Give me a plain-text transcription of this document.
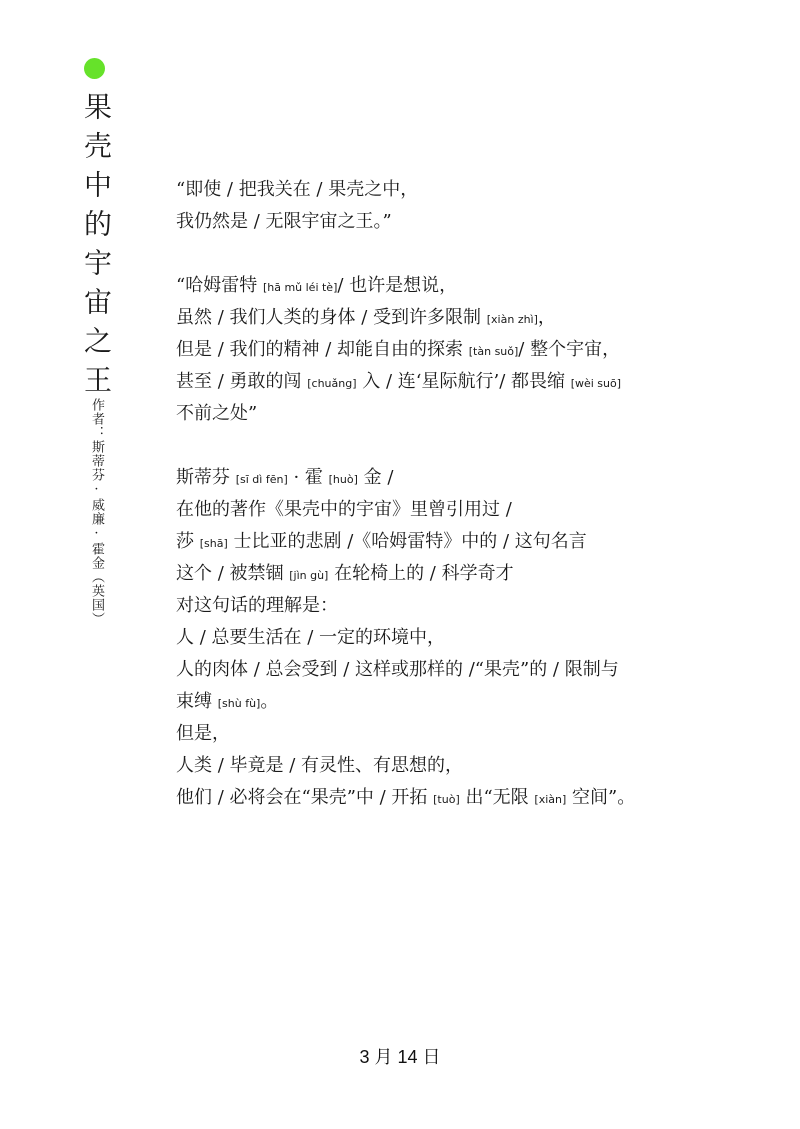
果壳中的宇宙之王
作者：斯蒂芬·威廉·霍金（英国）
“即使 / 把我关在 / 果壳之中，
我仍然是 / 无限宇宙之王。”
“哈姆雷特 [hā mǔ léi tè]/ 也许是想说，
虽然 / 我们人类的身体 / 受到许多限制 [xiàn zhì]，
但是 / 我们的精神 / 却能自由的探索 [tàn suǒ]/ 整个宇宙，
甚至 / 勇敢的闯 [chuǎng] 入 / 连‘星际航行’/ 都畏缩 [wèi suō]
不前之处”
斯蒂芬 [sī dì fēn] · 霍 [huò] 金 /
在他的著作《果壳中的宇宙》里曾引用过 /
莎 [shā] 士比亚的悲剧 /《哈姆雷特》中的 / 这句名言
这个 / 被禁锢 [jìn gù] 在轮椅上的 / 科学奇才
对这句话的理解是：
人 / 总要生活在 / 一定的环境中，
人的肉体 / 总会受到 / 这样或那样的 /“果壳”的 / 限制与
束缚 [shù fù]。
但是，
人类 / 毕竟是 / 有灵性、有思想的，
他们 / 必将会在“果壳”中 / 开拓 [tuò] 出“无限 [xiàn] 空间”。
3 月 14 日
